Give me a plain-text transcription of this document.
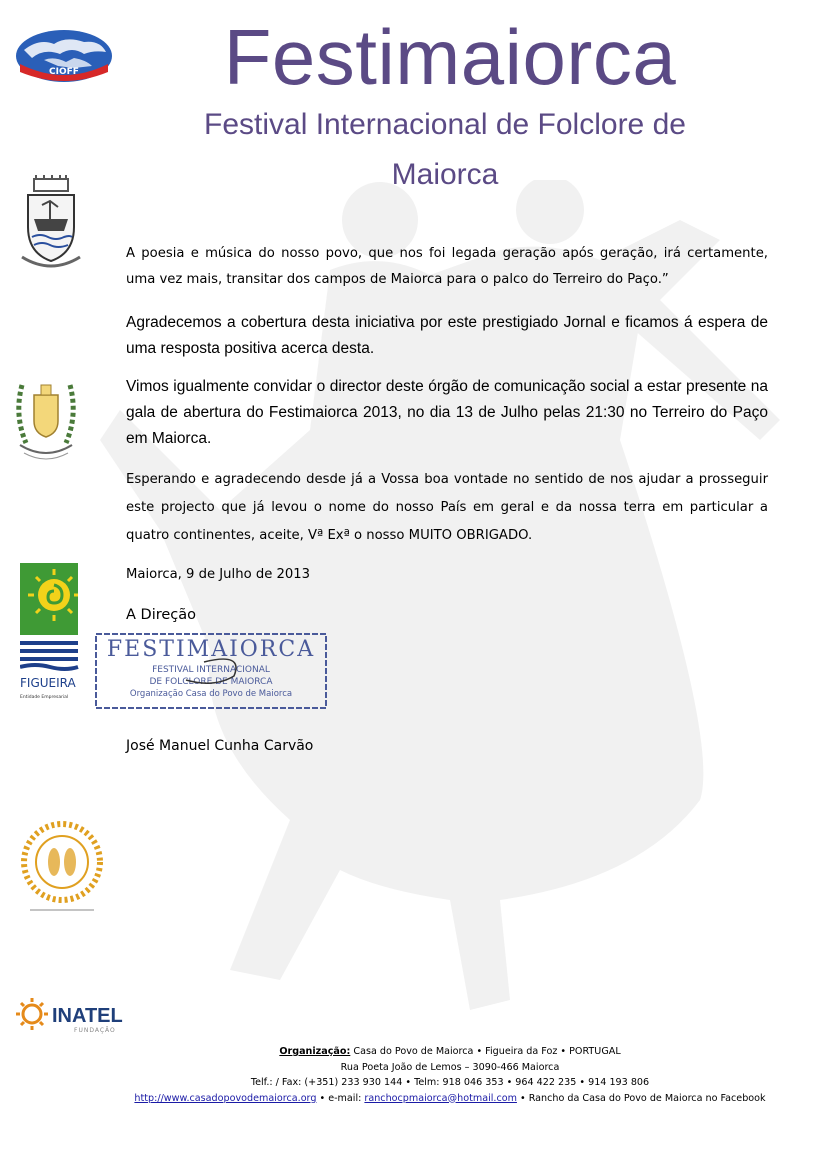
Festimaiorca
Festival Internacional de Folclore de
Maiorca
CIOFF
FIGUEIRA
Entidade Empresarial
INATEL
FUNDAÇÃO
A poesia e música do nosso povo, que nos foi legada geração após geração, irá certamente, uma vez mais, transitar dos campos de Maiorca para o palco do Terreiro do Paço.”
Agradecemos a cobertura desta iniciativa por este prestigiado Jornal e ficamos á espera de uma resposta positiva acerca desta.
Vimos igualmente convidar o director deste órgão de comunicação social a estar presente na gala de abertura do Festimaiorca 2013, no dia 13 de Julho pelas 21:30 no Terreiro do Paço em Maiorca.
Esperando e agradecendo desde já a Vossa boa vontade no sentido de nos ajudar a prosseguir este projecto que já levou o nome do nosso País em geral e da nossa terra em particular a quatro continentes, aceite, Vª Exª o nosso MUITO OBRIGADO.
Maiorca, 9 de Julho de 2013
A Direção
FESTIMAIORCA
FESTIVAL INTERNACIONAL
DE FOLCLORE DE MAIORCA
Organização Casa do Povo de Maiorca
José Manuel Cunha Carvão
Organização: Casa do Povo de Maiorca • Figueira da Foz • PORTUGAL
Rua Poeta João de Lemos – 3090-466 Maiorca
Telf.: / Fax: (+351) 233 930 144 • Telm: 918 046 353 • 964 422 235 • 914 193 806
http://www.casadopovodemaiorca.org • e-mail: ranchocpmaiorca@hotmail.com • Rancho da Casa do Povo de Maiorca no Facebook
